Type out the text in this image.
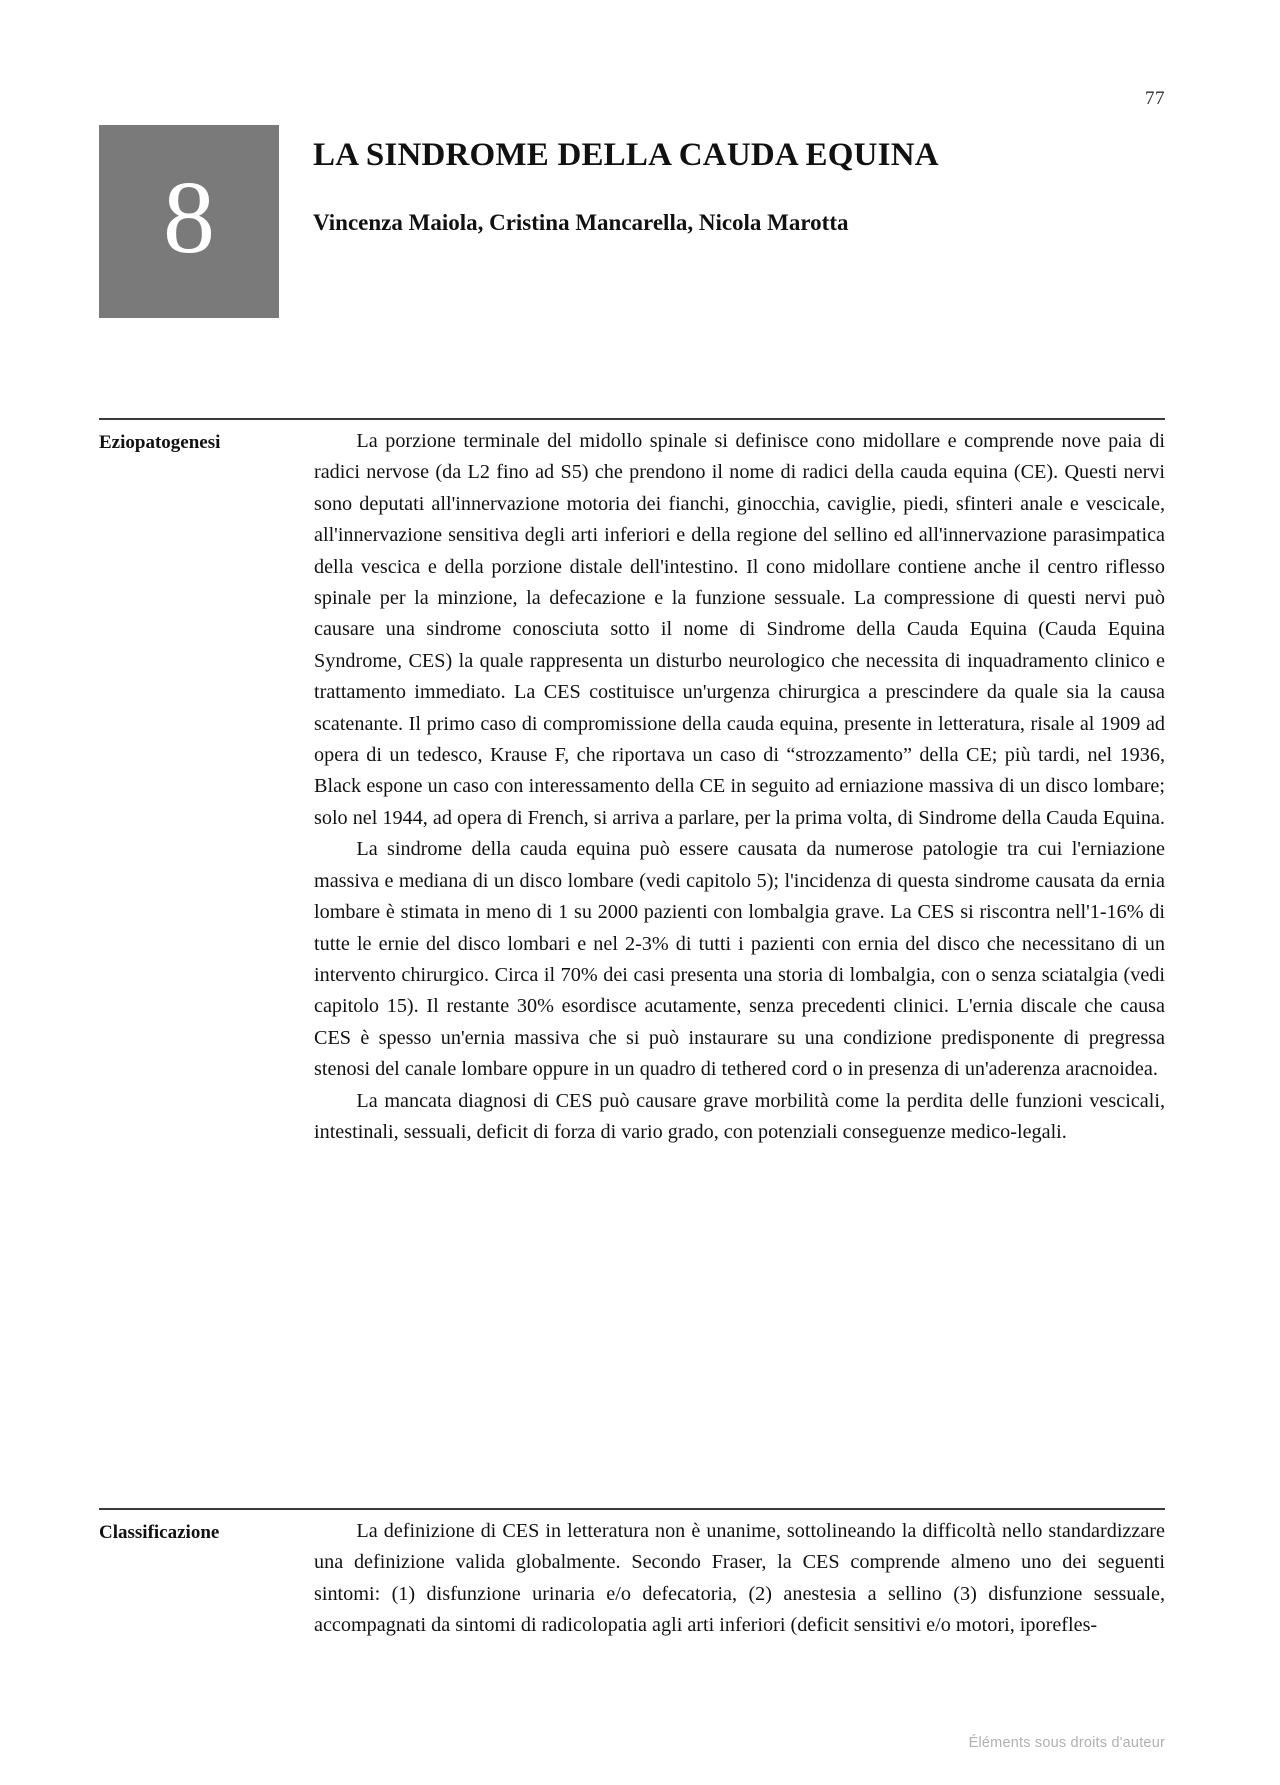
77
8
LA SINDROME DELLA CAUDA EQUINA
Vincenza Maiola, Cristina Mancarella, Nicola Marotta
Eziopatogenesi	La porzione terminale del midollo spinale si definisce cono midollare e comprende nove paia di radici nervose (da L2 fino ad S5) che prendono il nome di radici della cauda equina (CE). Questi nervi sono deputati all'innervazione motoria dei fianchi, ginocchia, caviglie, piedi, sfinteri anale e vescicale, all'innervazione sensitiva degli arti inferiori e della regione del sellino ed all'innervazione parasimpatica della vescica e della porzione distale dell'intestino. Il cono midollare contiene anche il centro riflesso spinale per la minzione, la defecazione e la funzione sessuale. La compressione di questi nervi può causare una sindrome conosciuta sotto il nome di Sindrome della Cauda Equina (Cauda Equina Syndrome, CES) la quale rappresenta un disturbo neurologico che necessita di inquadramento clinico e trattamento immediato. La CES costituisce un'urgenza chirurgica a prescindere da quale sia la causa scatenante. Il primo caso di compromissione della cauda equina, presente in letteratura, risale al 1909 ad opera di un tedesco, Krause F, che riportava un caso di “strozzamento” della CE; più tardi, nel 1936, Black espone un caso con interessamento della CE in seguito ad erniazione massiva di un disco lombare; solo nel 1944, ad opera di French, si arriva a parlare, per la prima volta, di Sindrome della Cauda Equina.

La sindrome della cauda equina può essere causata da numerose patologie tra cui l'erniazione massiva e mediana di un disco lombare (vedi capitolo 5); l'incidenza di questa sindrome causata da ernia lombare è stimata in meno di 1 su 2000 pazienti con lombalgia grave. La CES si riscontra nell'1-16% di tutte le ernie del disco lombari e nel 2-3% di tutti i pazienti con ernia del disco che necessitano di un intervento chirurgico. Circa il 70% dei casi presenta una storia di lombalgia, con o senza sciatalgia (vedi capitolo 15). Il restante 30% esordisce acutamente, senza precedenti clinici. L'ernia discale che causa CES è spesso un'ernia massiva che si può instaurare su una condizione predisponente di pregressa stenosi del canale lombare oppure in un quadro di tethered cord o in presenza di un'aderenza aracnoidea.

La mancata diagnosi di CES può causare grave morbilità come la perdita delle funzioni vescicali, intestinali, sessuali, deficit di forza di vario grado, con potenziali conseguenze medico-legali.

Classificazione	La definizione di CES in letteratura non è unanime, sottolineando la difficoltà nello standardizzare una definizione valida globalmente. Secondo Fraser, la CES comprende almeno uno dei seguenti sintomi: (1) disfunzione urinaria e/o defecatoria, (2) anestesia a sellino (3) disfunzione sessuale, accompagnati da sintomi di radicolopatia agli arti inferiori (deficit sensitivi e/o motori, iporefles-

Éléments sous droits d'auteur
